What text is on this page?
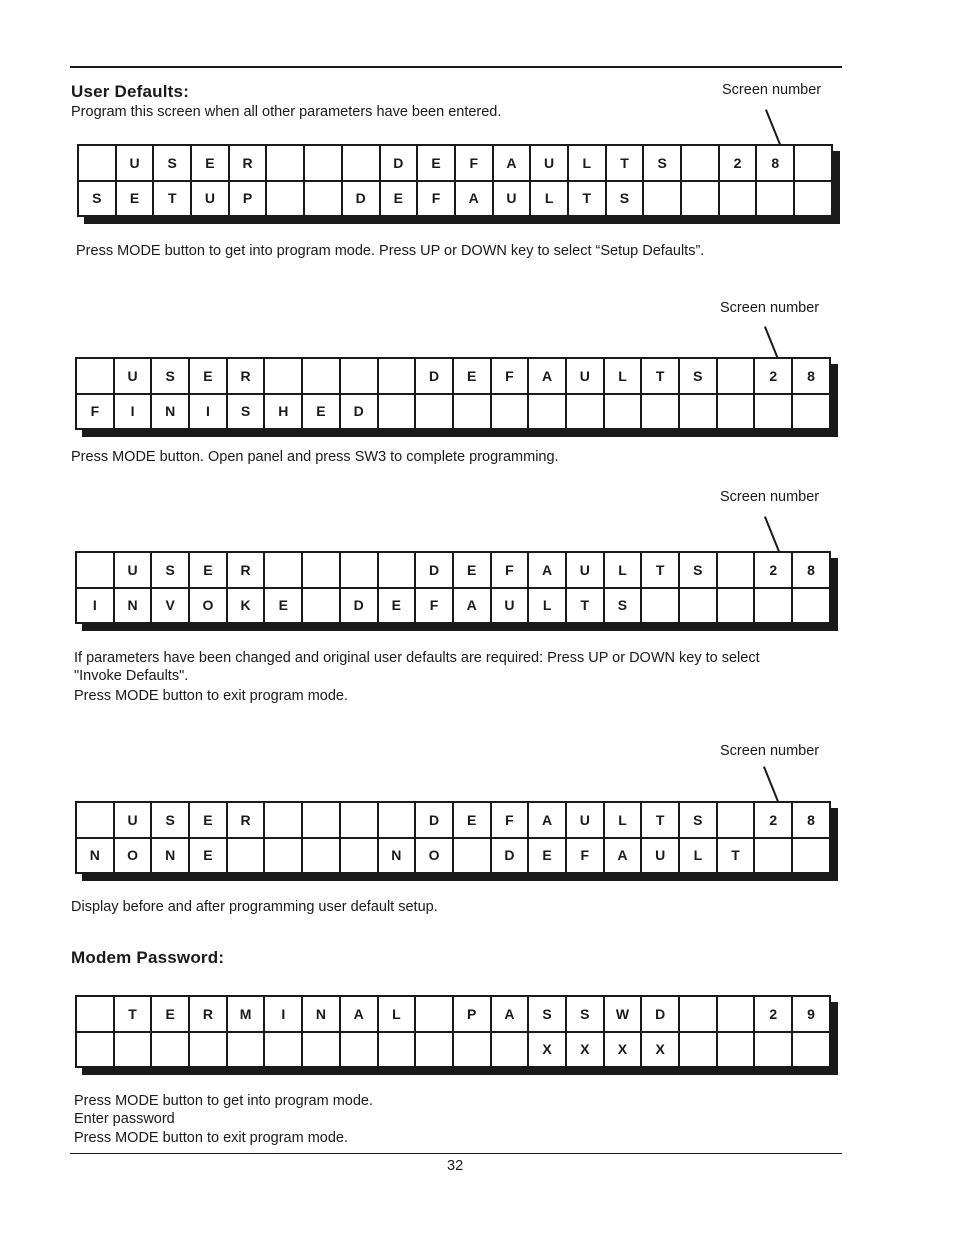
User Defaults:
Program this screen when all other parameters have been entered.
Screen number
	U	S	E	R				D	E	F	A	U	L	T	S		2	8	
S	E	T	U	P			D	E	F	A	U	L	T	S					
Press MODE button to get into program mode. Press UP or DOWN key to select “Setup Defaults”.
Screen number
	U	S	E	R					D	E	F	A	U	L	T	S		2	8
F	I	N	I	S	H	E	D												
Press MODE button. Open panel and press SW3 to complete programming.
Screen number
	U	S	E	R					D	E	F	A	U	L	T	S		2	8
I	N	V	O	K	E		D	E	F	A	U	L	T	S					
If parameters have been changed and original user defaults are required: Press UP or DOWN key to select
"Invoke Defaults".
Press MODE button to exit program mode.
Screen number
	U	S	E	R					D	E	F	A	U	L	T	S		2	8
N	O	N	E					N	O		D	E	F	A	U	L	T		
Display before and after programming user default setup.
Modem Password:
	T	E	R	M	I	N	A	L		P	A	S	S	W	D			2	9
												X	X	X	X				
Press MODE button to get into program mode.
Enter password
Press MODE button to exit program mode.
32
